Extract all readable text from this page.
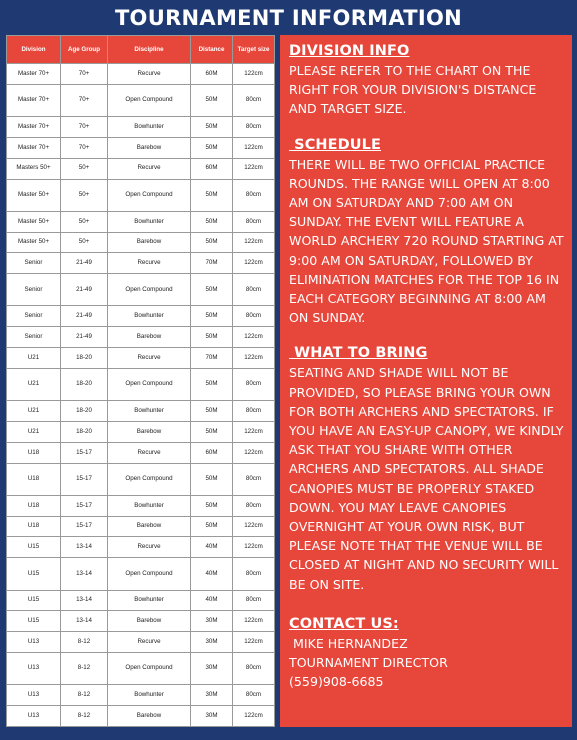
TOURNAMENT INFORMATION
Division	Age Group	Discipline	Distance	Target size
Master 70+	70+	Recurve	60M	122cm
Master 70+	70+	Open Compound	50M	80cm
Master 70+	70+	Bowhunter	50M	80cm
Master 70+	70+	Barebow	50M	122cm
Masters 50+	50+	Recurve	60M	122cm
Master 50+	50+	Open Compound	50M	80cm
Master 50+	50+	Bowhunter	50M	80cm
Master 50+	50+	Barebow	50M	122cm
Senior	21-49	Recurve	70M	122cm
Senior	21-49	Open Compound	50M	80cm
Senior	21-49	Bowhunter	50M	80cm
Senior	21-49	Barebow	50M	122cm
U21	18-20	Recurve	70M	122cm
U21	18-20	Open Compound	50M	80cm
U21	18-20	Bowhunter	50M	80cm
U21	18-20	Barebow	50M	122cm
U18	15-17	Recurve	60M	122cm
U18	15-17	Open Compound	50M	80cm
U18	15-17	Bowhunter	50M	80cm
U18	15-17	Barebow	50M	122cm
U15	13-14	Recurve	40M	122cm
U15	13-14	Open Compound	40M	80cm
U15	13-14	Bowhunter	40M	80cm
U15	13-14	Barebow	30M	122cm
U13	8-12	Recurve	30M	122cm
U13	8-12	Open Compound	30M	80cm
U13	8-12	Bowhunter	30M	80cm
U13	8-12	Barebow	30M	122cm
DIVISION INFO

PLEASE REFER TO THE CHART ON THE RIGHT FOR YOUR DIVISION'S DISTANCE AND TARGET SIZE.

SCHEDULE

THERE WILL BE TWO OFFICIAL PRACTICE ROUNDS. THE RANGE WILL OPEN AT 8:00 AM ON SATURDAY AND 7:00 AM ON SUNDAY. THE EVENT WILL FEATURE A WORLD ARCHERY 720 ROUND STARTING AT 9:00 AM ON SATURDAY, FOLLOWED BY ELIMINATION MATCHES FOR THE TOP 16 IN EACH CATEGORY BEGINNING AT 8:00 AM ON SUNDAY.

WHAT TO BRING

SEATING AND SHADE WILL NOT BE PROVIDED, SO PLEASE BRING YOUR OWN FOR BOTH ARCHERS AND SPECTATORS. IF YOU HAVE AN EASY-UP CANOPY, WE KINDLY ASK THAT YOU SHARE WITH OTHER ARCHERS AND SPECTATORS. ALL SHADE CANOPIES MUST BE PROPERLY STAKED DOWN. YOU MAY LEAVE CANOPIES OVERNIGHT AT YOUR OWN RISK, BUT PLEASE NOTE THAT THE VENUE WILL BE CLOSED AT NIGHT AND NO SECURITY WILL BE ON SITE.

CONTACT US:

MIKE HERNANDEZ

TOURNAMENT DIRECTOR

(559)908-6685
